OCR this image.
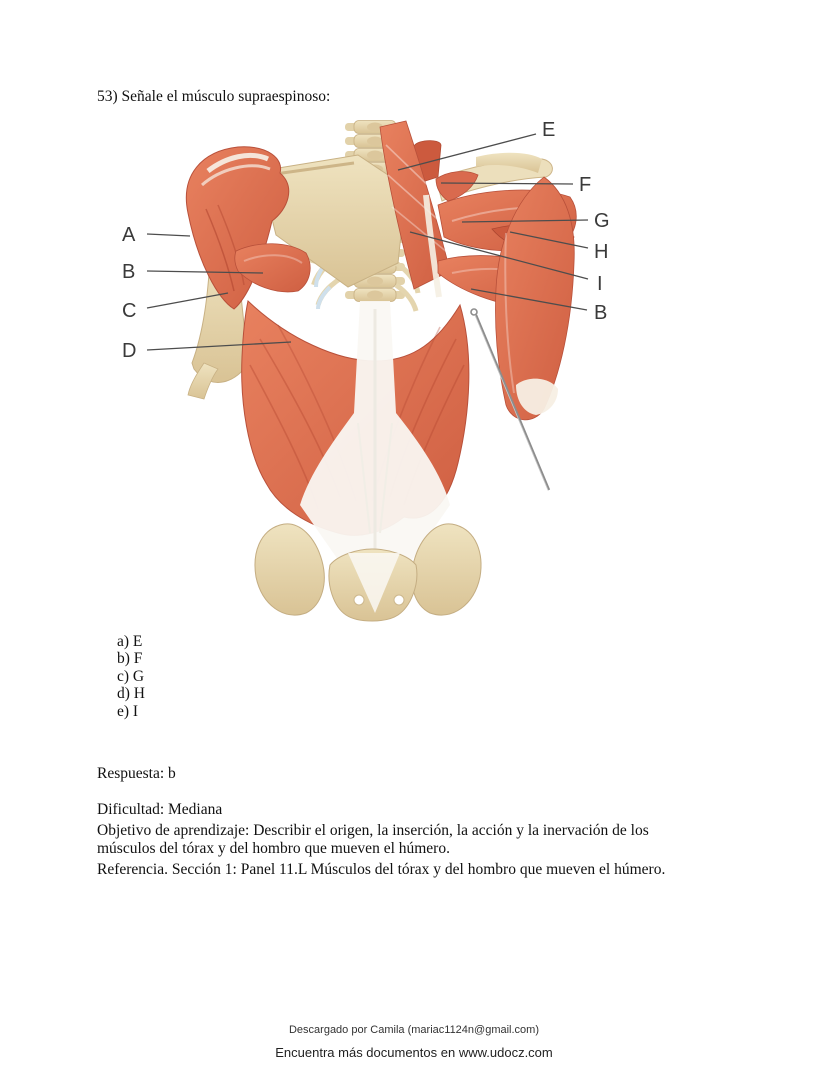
53) Señale el músculo supraespinoso:
A
B
C
D
E
F
G
H
I
B
a) E
b) F
c) G
d) H
e) I
Respuesta: b
Dificultad: Mediana
Objetivo de aprendizaje: Describir el origen, la inserción, la acción y la inervación de los
músculos del tórax y del hombro que mueven el húmero.
Referencia. Sección 1: Panel 11.L Músculos del tórax y del hombro que mueven el húmero.
Descargado por Camila (mariac1124n@gmail.com)
Encuentra más documentos en www.udocz.com
